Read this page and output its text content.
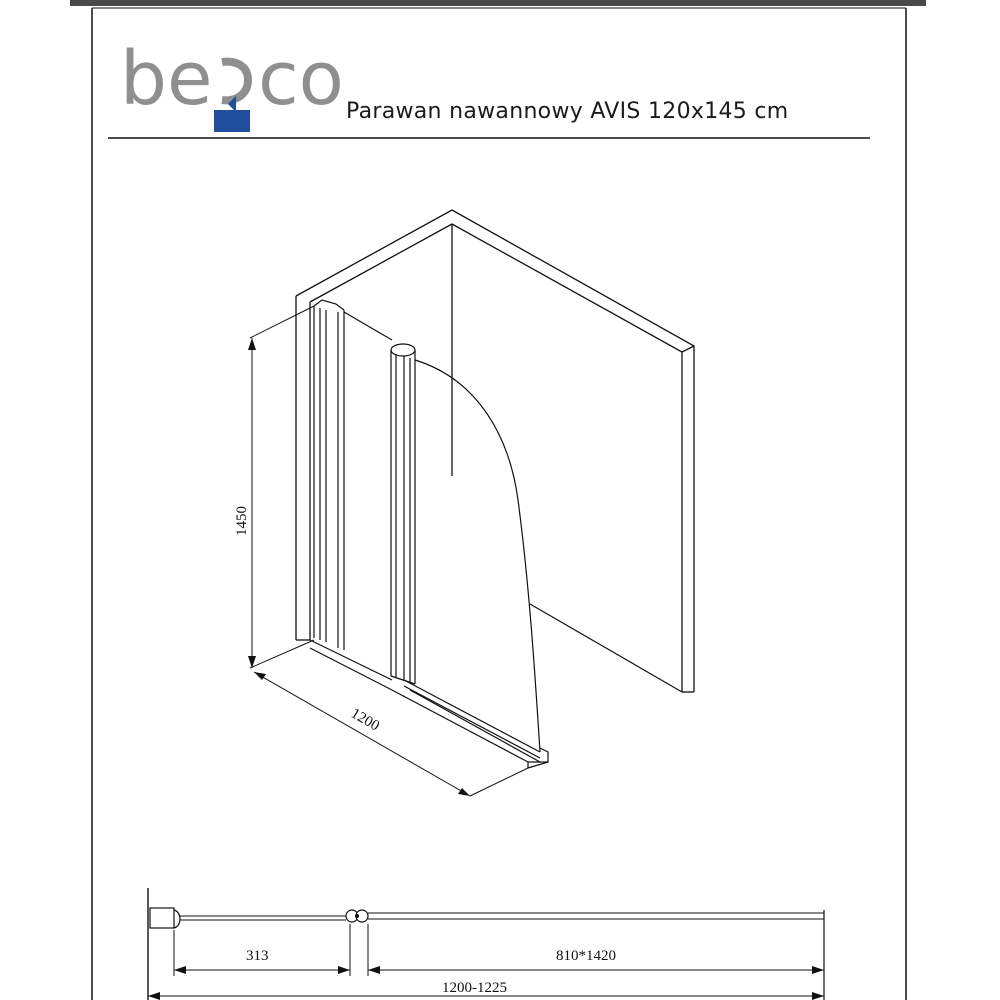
be co Parawan nawannowy AVIS 120x145 cm
1450
1200
313	810*1420
1200-1225
